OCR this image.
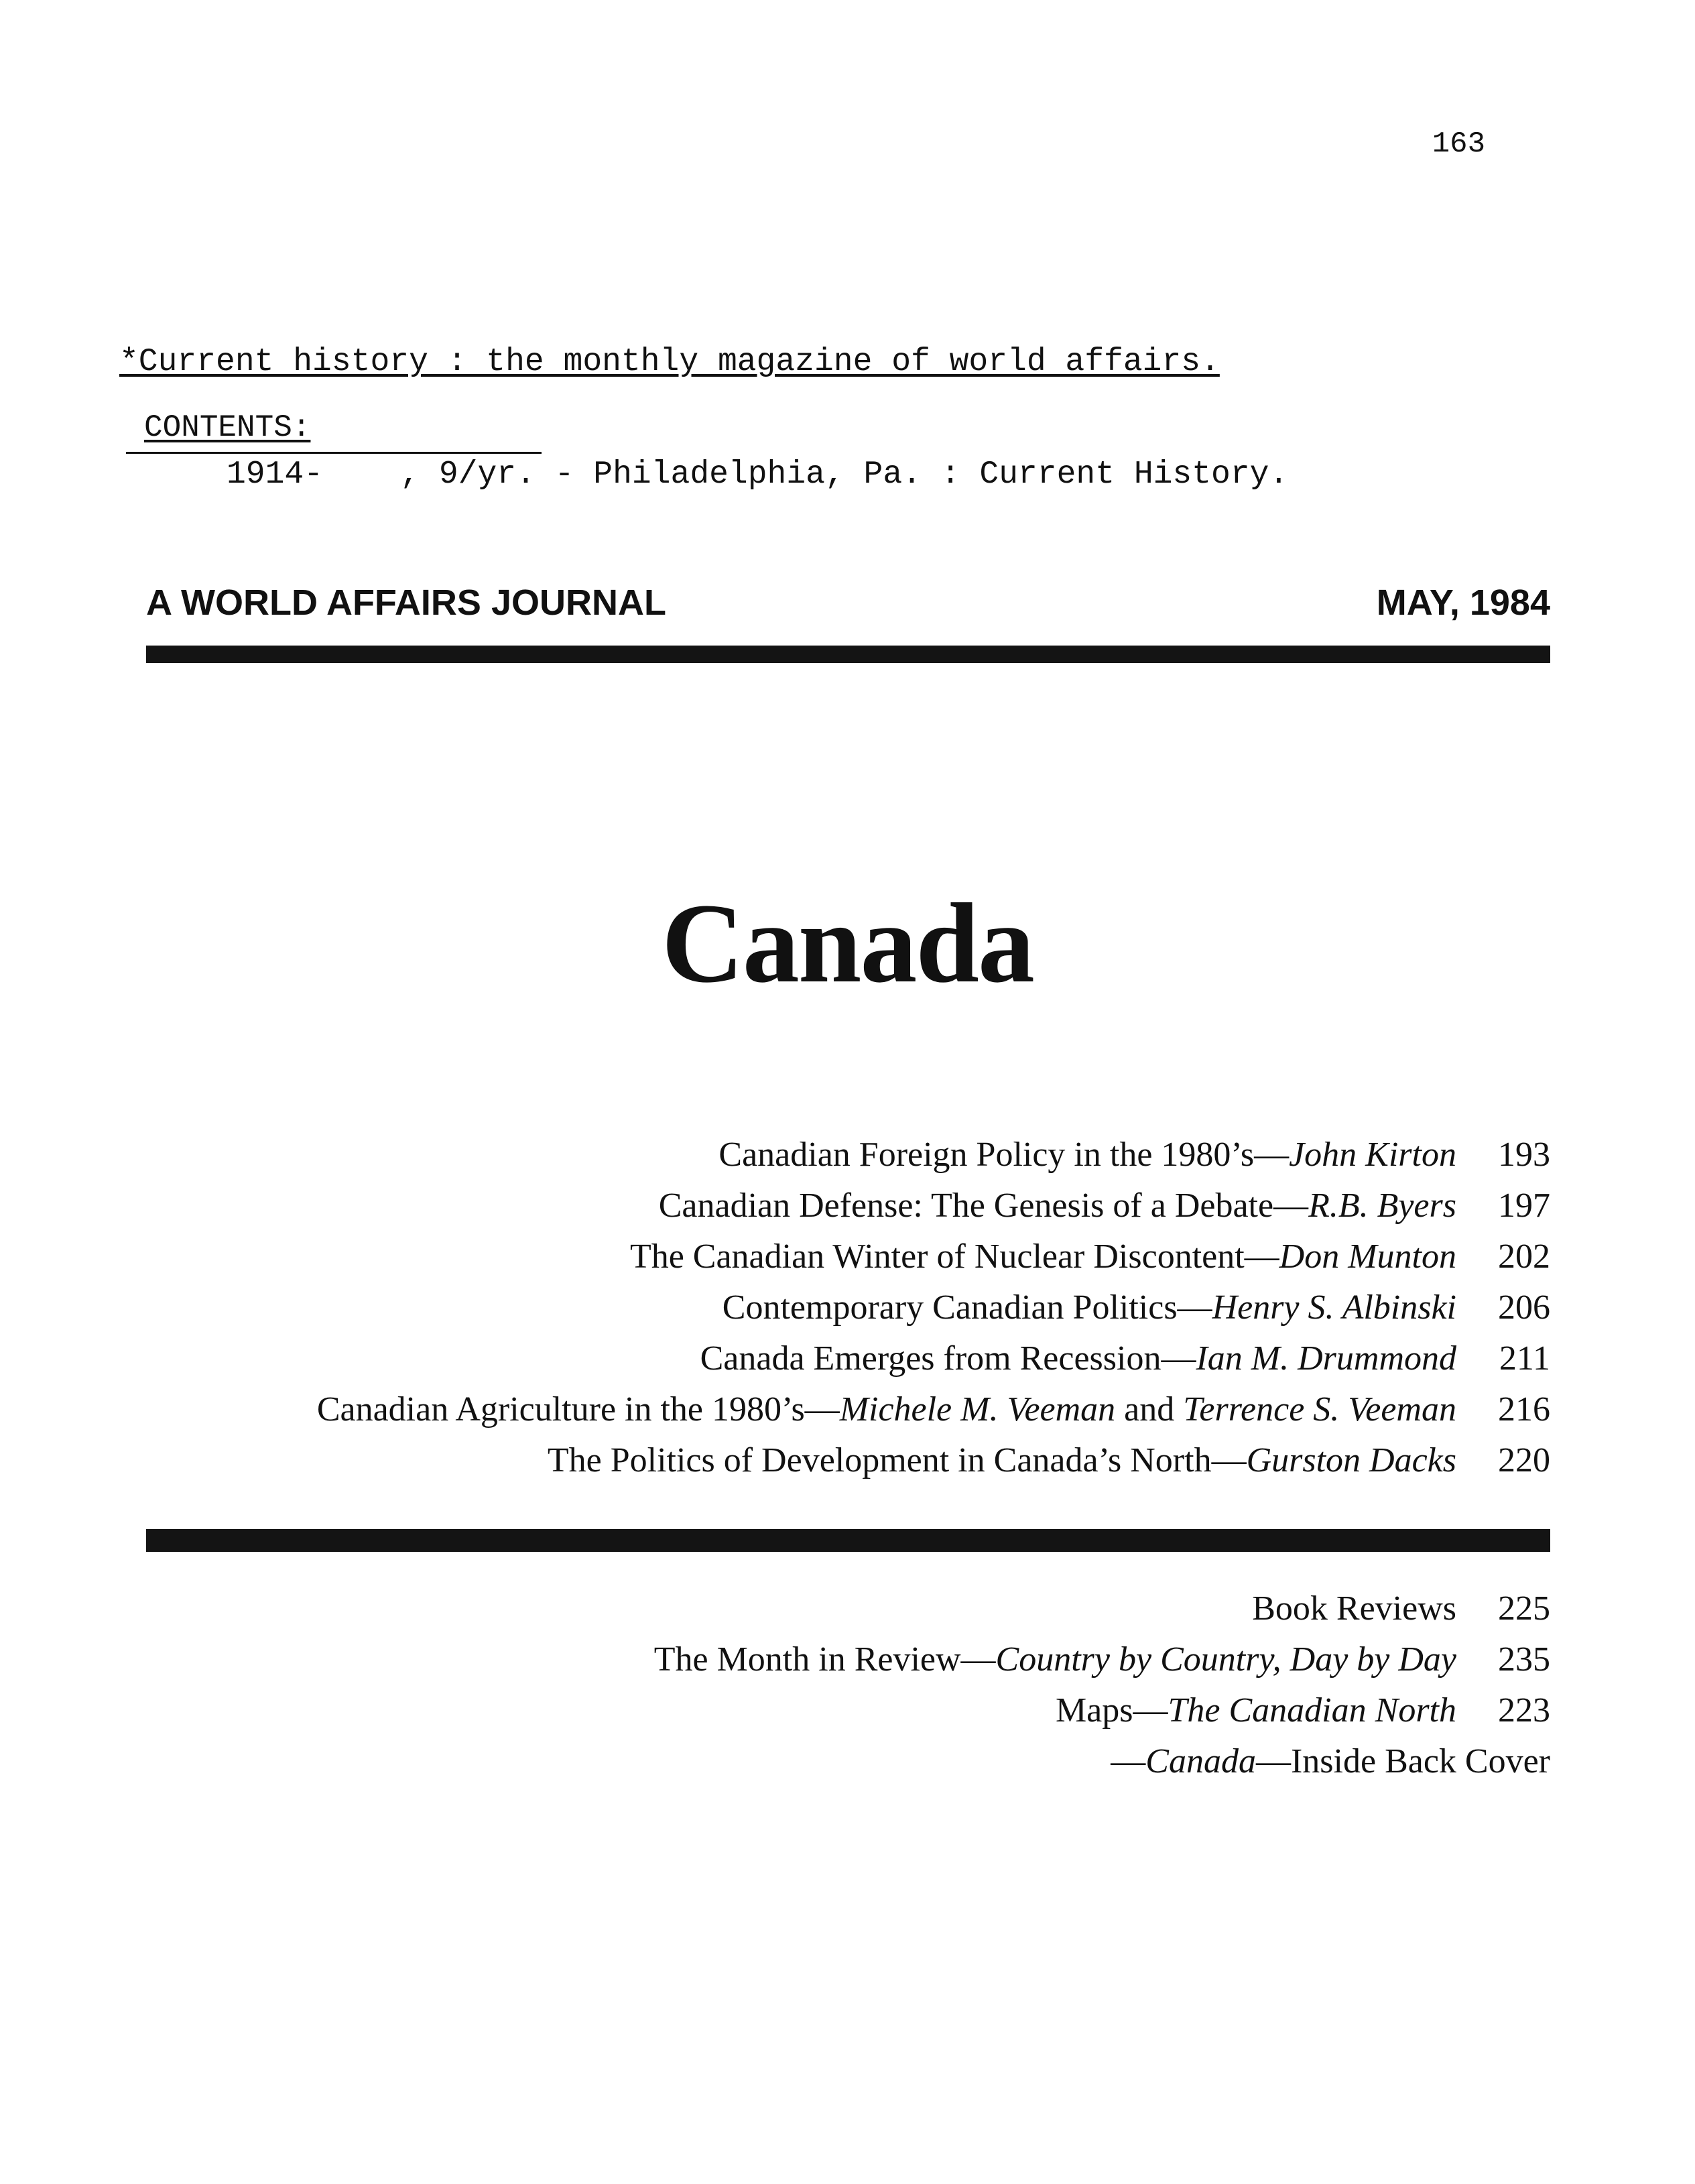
163

*Current history : the monthly magazine of world affairs.

1914-    , 9/yr. - Philadelphia, Pa. : Current History.

CONTENTS:
A WORLD AFFAIRS JOURNAL	MAY, 1984
Canada
Canadian Foreign Policy in the 1980’s— John Kirton	193
Canadian Defense: The Genesis of a Debate— R.B. Byers	197
The Canadian Winter of Nuclear Discontent— Don Munton	202
Contemporary Canadian Politics— Henry S. Albinski	206
Canada Emerges from Recession— Ian M. Drummond	211
Canadian Agriculture in the 1980’s— Michele M. Veeman and Terrence S. Veeman	216
The Politics of Development in Canada’s North— Gurston Dacks	220
Book Reviews	225
The Month in Review— Country by Country, Day by Day	235
Maps— The Canadian North	223
— Canada —Inside Back Cover
